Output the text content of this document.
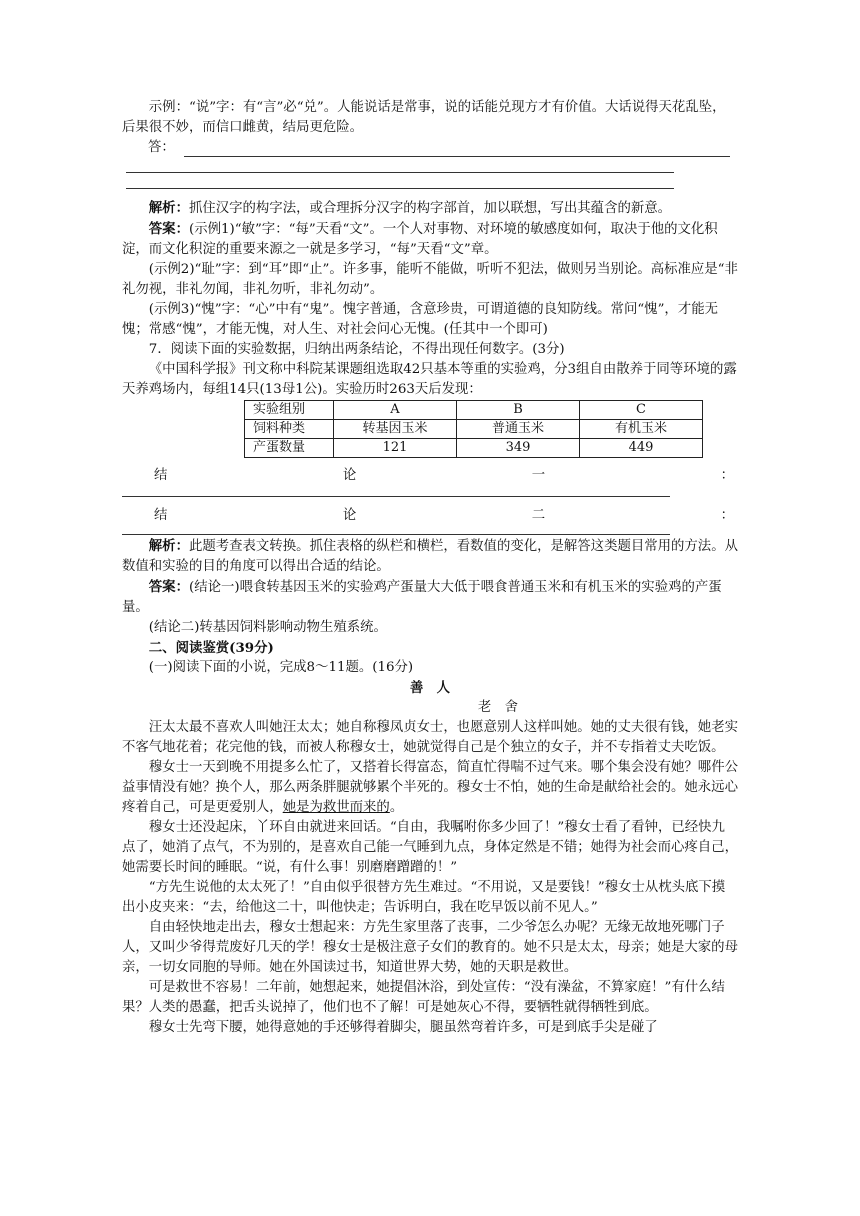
示例：“说”字：有“言”必“兑”。人能说话是常事，说的话能兑现方才有价值。大话说得天花乱坠，后果很不妙，而信口雌黄，结局更危险。

答：

解析：抓住汉字的构字法，或合理拆分汉字的构字部首，加以联想，写出其蕴含的新意。

答案：(示例1)“敏”字：“每”天看“文”。一个人对事物、对环境的敏感度如何，取决于他的文化积淀，而文化积淀的重要来源之一就是多学习，“每”天看“文”章。

(示例2)“耻”字：到“耳”即“止”。许多事，能听不能做，听听不犯法，做则另当别论。高标准应是“非礼勿视，非礼勿闻，非礼勿听，非礼勿动”。

(示例3)“愧”字：“心”中有“鬼”。愧字普通，含意珍贵，可谓道德的良知防线。常问“愧”，才能无愧；常感“愧”，才能无愧，对人生、对社会问心无愧。(任其中一个即可)

7．阅读下面的实验数据，归纳出两条结论，不得出现任何数字。(3分)

《中国科学报》刊文称中科院某课题组选取42只基本等重的实验鸡，分3组自由散养于同等环境的露天养鸡场内，每组14只(13母1公)。实验历时263天后发现：

实验组别	A	B	C
饲料种类	转基因玉米	普通玉米	有机玉米
产蛋数量	121	349	449
结	论	一	：
结	论	二	：

解析：此题考查表文转换。抓住表格的纵栏和横栏，看数值的变化，是解答这类题目常用的方法。从数值和实验的目的角度可以得出合适的结论。

答案：(结论一)喂食转基因玉米的实验鸡产蛋量大大低于喂食普通玉米和有机玉米的实验鸡的产蛋量。

(结论二)转基因饲料影响动物生殖系统。

二、阅读鉴赏(39分)

(一)阅读下面的小说，完成8～11题。(16分)

善　人

老　舍

汪太太最不喜欢人叫她汪太太；她自称穆凤贞女士，也愿意别人这样叫她。她的丈夫很有钱，她老实不客气地花着；花完他的钱，而被人称穆女士，她就觉得自己是个独立的女子，并不专指着丈夫吃饭。

穆女士一天到晚不用提多么忙了，又搭着长得富态，简直忙得喘不过气来。哪个集会没有她？哪件公益事情没有她？换个人，那么两条胖腿就够累个半死的。穆女士不怕，她的生命是献给社会的。她永远心疼着自己，可是更爱别人，她是为救世而来的。

穆女士还没起床，丫环自由就进来回话。“自由，我嘱咐你多少回了！”穆女士看了看钟，已经快九点了，她消了点气，不为别的，是喜欢自己能一气睡到九点，身体定然是不错；她得为社会而心疼自己，她需要长时间的睡眠。“说，有什么事！别磨磨蹭蹭的！”

“方先生说他的太太死了！”自由似乎很替方先生难过。“不用说，又是要钱！”穆女士从枕头底下摸出小皮夹来：“去，给他这二十，叫他快走；告诉明白，我在吃早饭以前不见人。”

自由轻快地走出去，穆女士想起来：方先生家里落了丧事，二少爷怎么办呢？无缘无故地死哪门子人，又叫少爷得荒废好几天的学！穆女士是极注意子女们的教育的。她不只是太太，母亲；她是大家的母亲，一切女同胞的导师。她在外国读过书，知道世界大势，她的天职是救世。

可是救世不容易！二年前，她想起来，她提倡沐浴，到处宣传：“没有澡盆，不算家庭！”有什么结果？人类的愚蠢，把舌头说掉了，他们也不了解！可是她灰心不得，要牺牲就得牺牲到底。

穆女士先弯下腰，她得意她的手还够得着脚尖，腿虽然弯着许多，可是到底手尖是碰了
